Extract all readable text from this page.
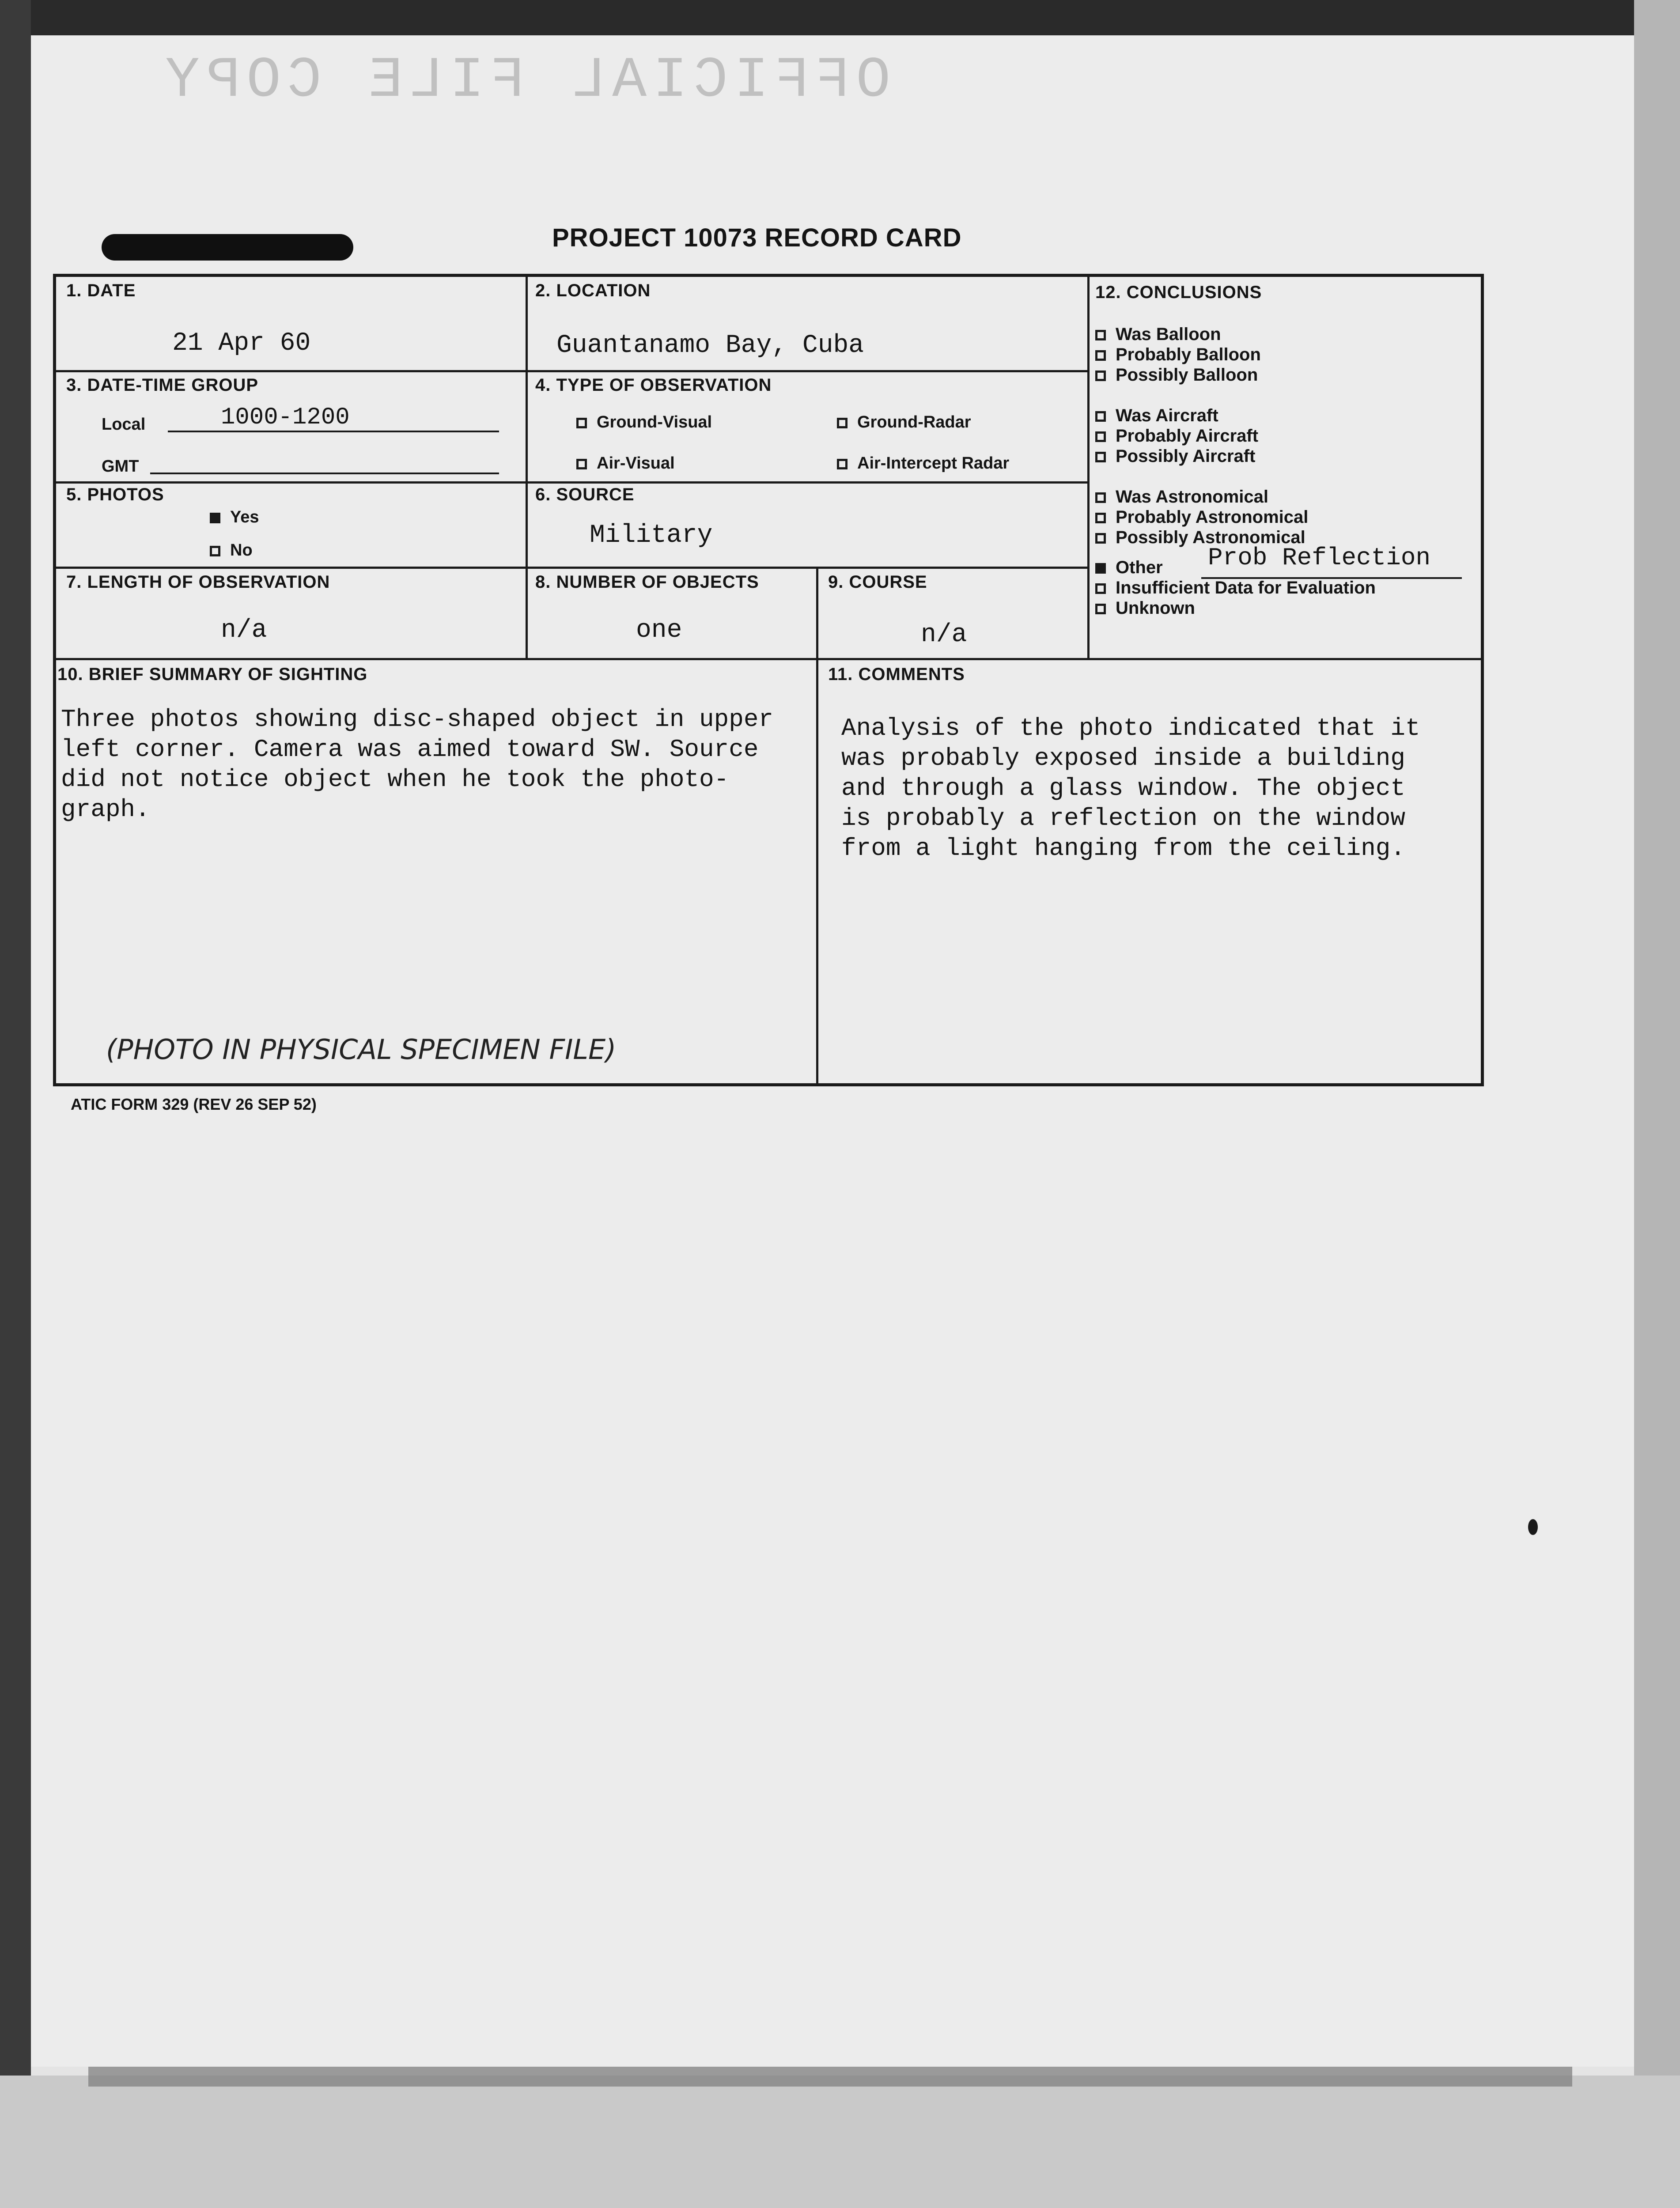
OFFICIAL FILE COPY
PROJECT 10073 RECORD CARD
1. DATE
21 Apr 60
2. LOCATION
Guantanamo Bay, Cuba
3. DATE-TIME GROUP
Local	1000-1200
GMT
4. TYPE OF OBSERVATION
Ground-Visual	Ground-Radar
Air-Visual	Air-Intercept Radar
5. PHOTOS
Yes
No
6. SOURCE
Military
7. LENGTH OF OBSERVATION
n/a
8. NUMBER OF OBJECTS
one
9. COURSE
n/a
12. CONCLUSIONS
Was Balloon
Probably Balloon
Possibly Balloon
Was Aircraft
Probably Aircraft
Possibly Aircraft
Was Astronomical
Probably Astronomical
Possibly Astronomical
Other Prob Reflection
Insufficient Data for Evaluation
Unknown
10. BRIEF SUMMARY OF SIGHTING
Three photos showing disc-shaped object in upper
left corner. Camera was aimed toward SW. Source
did not notice object when he took the photo-
graph.
11. COMMENTS
Analysis of the photo indicated that it
was probably exposed inside a building
and through a glass window. The object
is probably a reflection on the window
from a light hanging from the ceiling.
(PHOTO IN PHYSICAL SPECIMEN FILE)
ATIC FORM 329 (REV 26 SEP 52)
